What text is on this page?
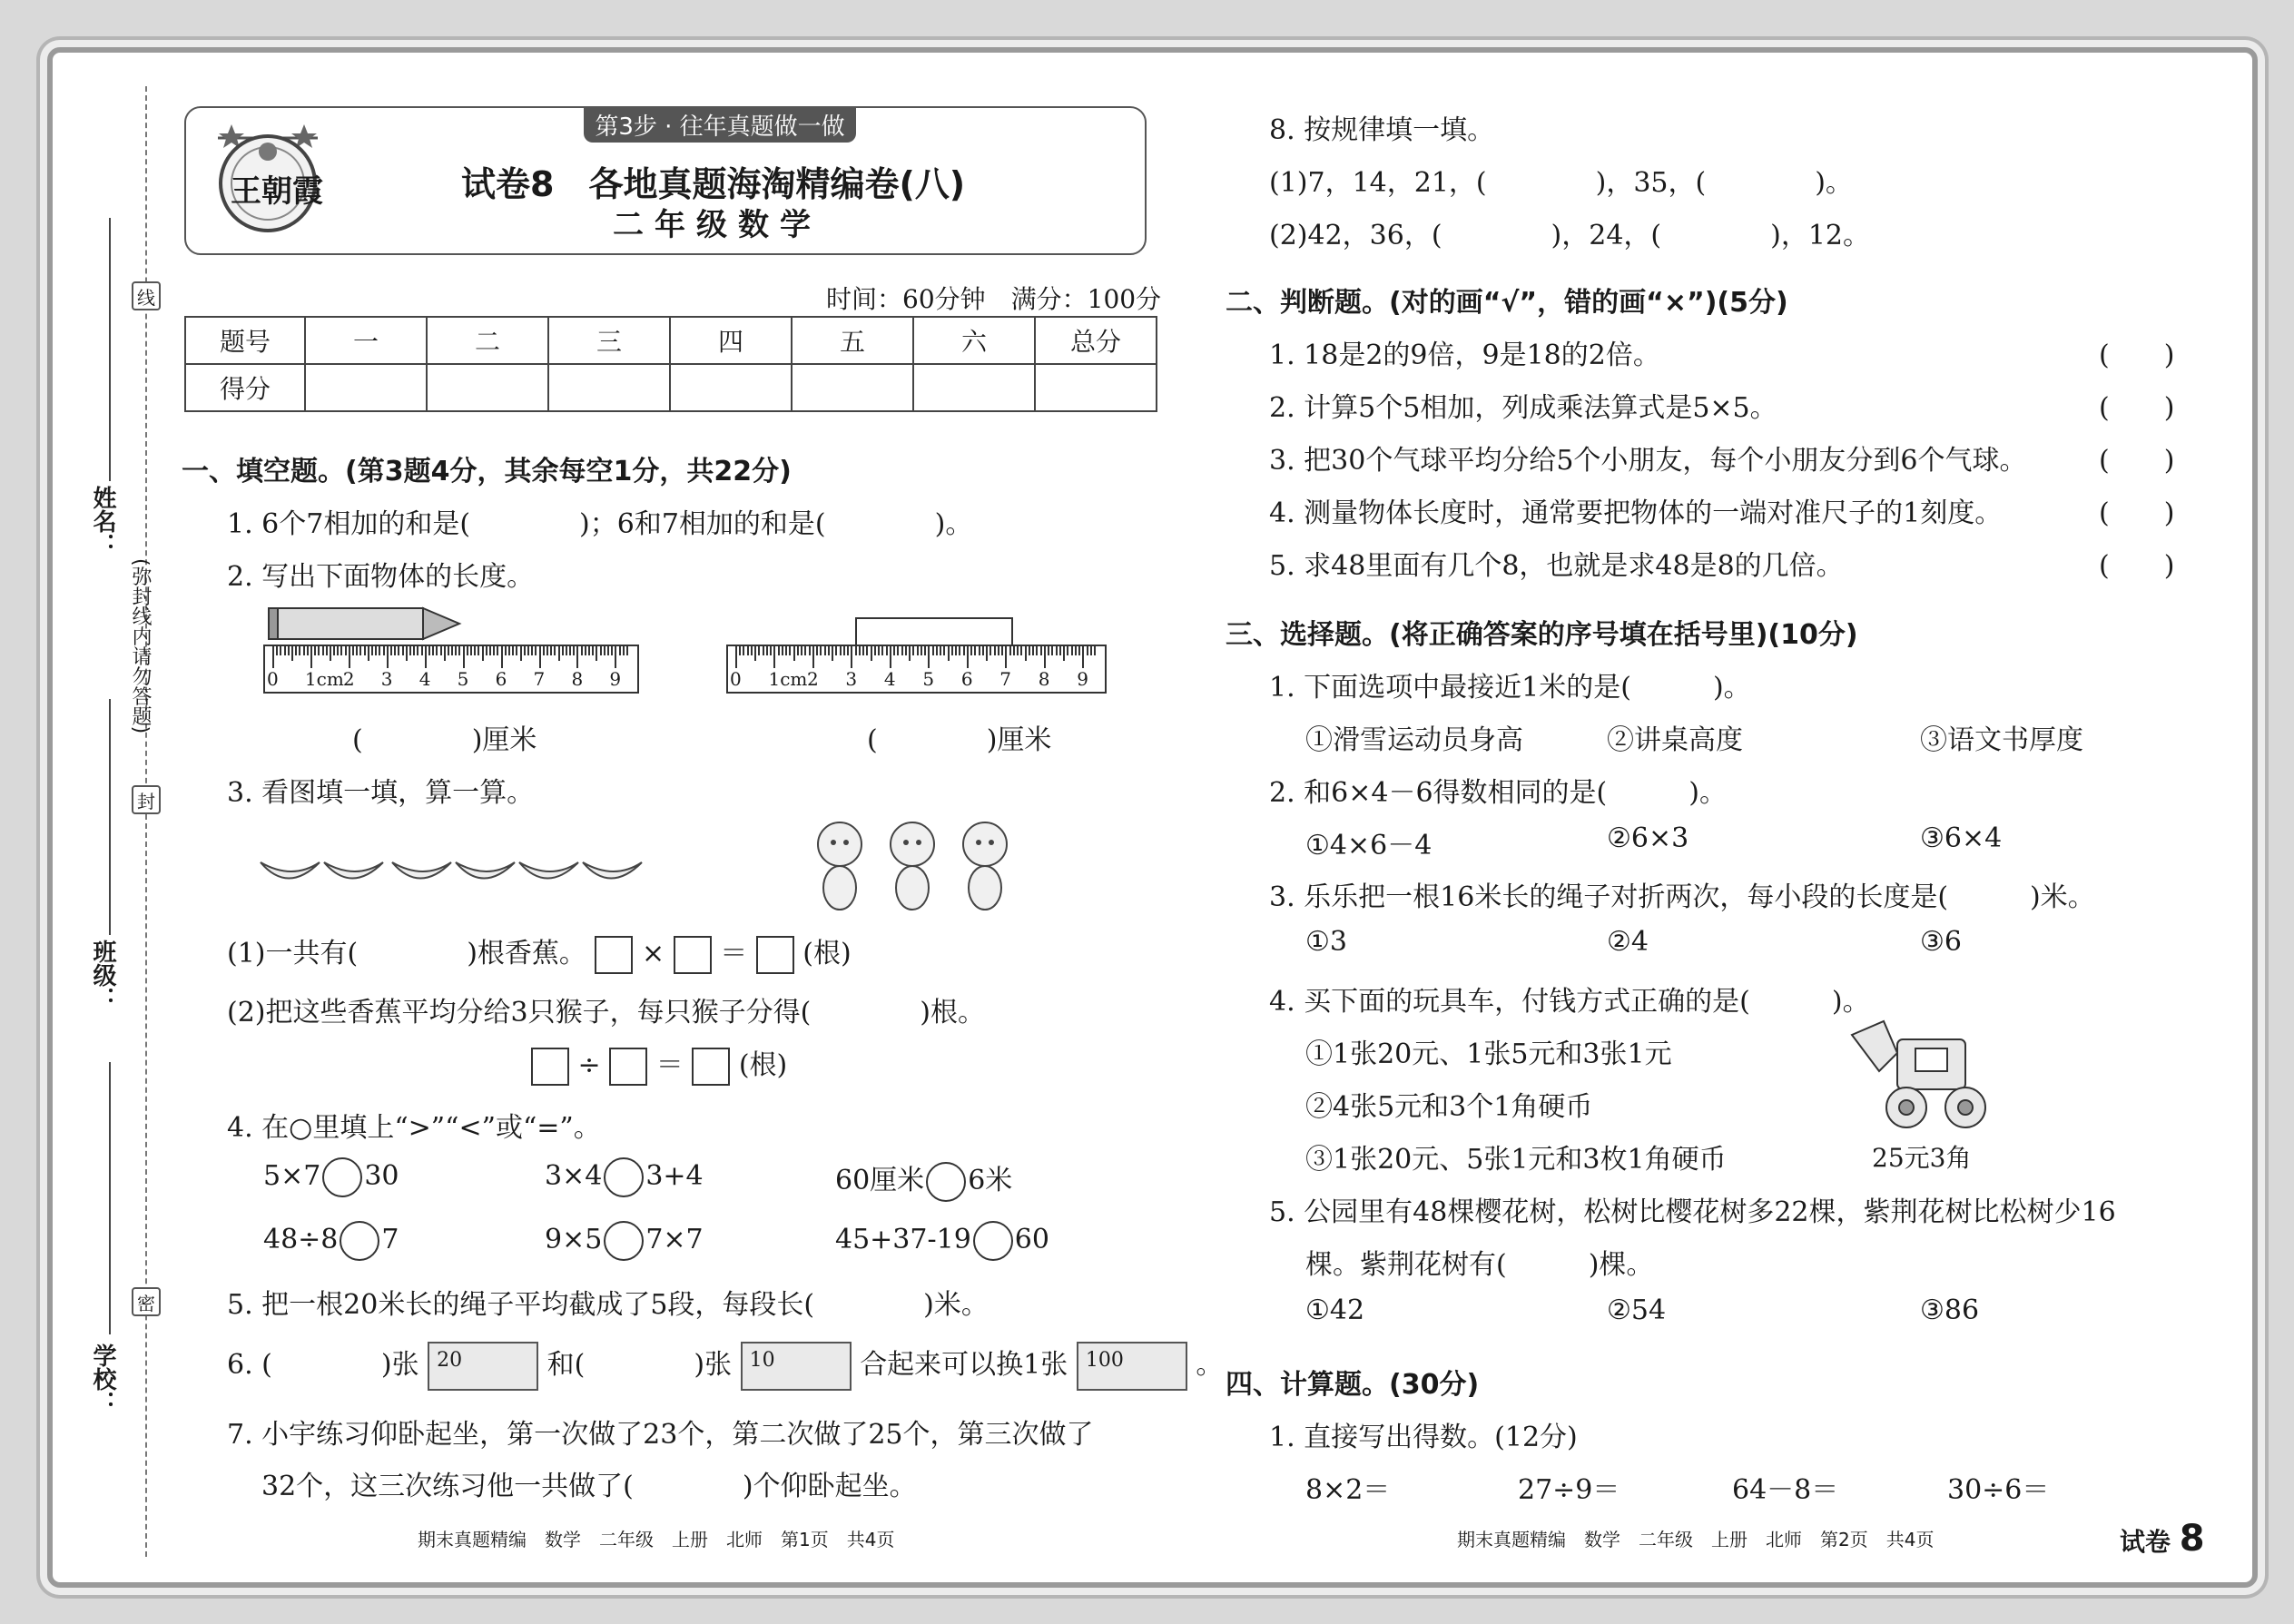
线
封
密
(弥封线内请勿答题)
姓名：
班级：
学校：
第3步 · 往年真题做一做
王朝霞	试卷8　各地真题海淘精编卷(八)
二年级数学
时间：60分钟　满分：100分
题号	一	二	三	四	五	六	总分
得分							
一、填空题。(第3题4分，其余每空1分，共22分)
1. 6个7相加的和是(　　　　)；6和7相加的和是(　　　　)。
2. 写出下面物体的长度。
0 1cm 2 3 4 5 6 7 8 9
(　　　　)厘米
0 1cm 2 3 4 5 6 7 8 9
(　　　　)厘米
3. 看图填一填，算一算。
(1)一共有(　　　　)根香蕉。  ×  ＝  (根)
(2)把这些香蕉平均分给3只猴子，每只猴子分得(　　　　)根。
÷  ＝  (根)
4. 在○里填上“>”“<”或“=”。
5×7 30	3×4 3+4	60厘米 6米
48÷8 7	9×5 7×7	45+37-19 60
5. 把一根20米长的绳子平均截成了5段，每段长(　　　　)米。
6. (　　　　)张 20	和(　　　　)张 10	合起来可以换1张 100	。
7. 小宇练习仰卧起坐，第一次做了23个，第二次做了25个，第三次做了
32个，这三次练习他一共做了(　　　　)个仰卧起坐。
期末真题精编　数学　二年级　上册　北师　第1页　共4页
8. 按规律填一填。
(1)7，14，21，(　　　　)，35，(　　　　)。
(2)42，36，(　　　　)，24，(　　　　)，12。
二、判断题。(对的画“√”，错的画“×”)(5分)
1. 18是2的9倍，9是18的2倍。	(　　)
2. 计算5个5相加，列成乘法算式是5×5。	(　　)
3. 把30个气球平均分给5个小朋友，每个小朋友分到6个气球。	(　　)
4. 测量物体长度时，通常要把物体的一端对准尺子的1刻度。	(　　)
5. 求48里面有几个8，也就是求48是8的几倍。	(　　)
三、选择题。(将正确答案的序号填在括号里)(10分)
1. 下面选项中最接近1米的是(　　　)。
①滑雪运动员身高	②讲桌高度	③语文书厚度
2. 和6×4－6得数相同的是(　　　)。
①4×6－4	②6×3	③6×4
3. 乐乐把一根16米长的绳子对折两次，每小段的长度是(　　　)米。
①3	②4	③6
4. 买下面的玩具车，付钱方式正确的是(　　　)。
①1张20元、1张5元和3张1元
②4张5元和3个1角硬币
③1张20元、5张1元和3枚1角硬币	25元3角
5. 公园里有48棵樱花树，松树比樱花树多22棵，紫荆花树比松树少16
棵。紫荆花树有(　　　)棵。
①42	②54	③86
四、计算题。(30分)
1. 直接写出得数。(12分)
8×2＝	27÷9＝	64－8＝	30÷6＝
期末真题精编　数学　二年级　上册　北师　第2页　共4页	试卷 8
